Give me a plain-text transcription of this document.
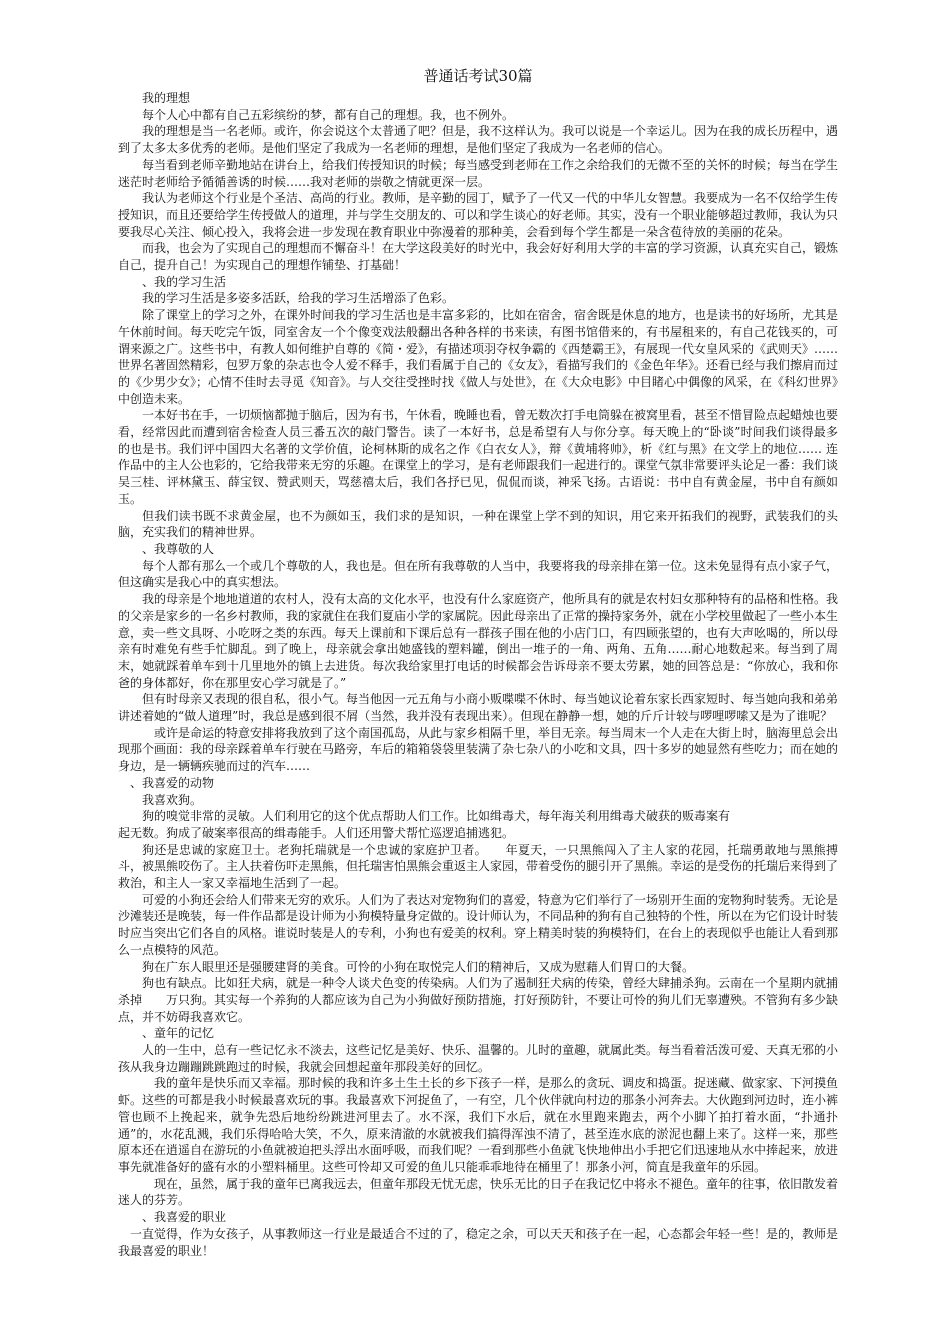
普通话考试30篇

我的理想

每个人心中都有自己五彩缤纷的梦，都有自己的理想。我，也不例外。

我的理想是当一名老师。或许，你会说这个太普通了吧？但是，我不这样认为。我可以说是一个幸运儿。因为在我的成长历程中，遇到了太多太多优秀的老师。是他们坚定了我成为一名老师的理想，是他们坚定了我成为一名老师的信心。

每当看到老师辛勤地站在讲台上，给我们传授知识的时候；每当感受到老师在工作之余给我们的无微不至的关怀的时候；每当在学生迷茫时老师给予循循善诱的时候……我对老师的崇敬之情就更深一层。

我认为老师这个行业是个圣洁、高尚的行业。教师，是辛勤的园丁，赋予了一代又一代的中华儿女智慧。我要成为一名不仅给学生传授知识，而且还要给学生传授做人的道理，并与学生交朋友的、可以和学生谈心的好老师。其实，没有一个职业能够超过教师，我认为只要我尽心关注、倾心投入，我将会进一步发现在教育职业中弥漫着的那种美，会看到每个学生都是一朵含苞待放的美丽的花朵。

而我，也会为了实现自己的理想而不懈奋斗！在大学这段美好的时光中，我会好好利用大学的丰富的学习资源，认真充实自己，锻炼自己，提升自己！为实现自己的理想作铺垫、打基础！

、我的学习生活

我的学习生活是多姿多活跃，给我的学习生活增添了色彩。

除了课堂上的学习之外，在课外时间我的学习生活也是丰富多彩的，比如在宿舍，宿舍既是休息的地方，也是读书的好场所，尤其是午休前时间。每天吃完午饭，同室舍友一个个像变戏法般翻出各种各样的书来读，有图书馆借来的，有书屋租来的，有自己花钱买的，可谓来源之广。这些书中，有教人如何维护自尊的《简・爱》，有描述项羽夺权争霸的《西楚霸王》，有展现一代女皇风采的《武则天》……世界名著固然精彩，包罗万象的杂志也令人爱不释手，我们看属于自己的《女友》，看描写我们的《金色年华》。还看已经与我们擦肩而过的《少男少女》；心情不佳时去寻觅《知音》。与人交往受挫时找《做人与处世》，在《大众电影》中目睹心中偶像的风采，在《科幻世界》中创造未来。

一本好书在手，一切烦恼都抛于脑后，因为有书，午休看，晚睡也看，曾无数次打手电筒躲在被窝里看，甚至不惜冒险点起蜡烛也要看，经常因此而遭到宿舍检查人员三番五次的敲门警告。读了一本好书，总是希望有人与你分享。每天晚上的“卧谈”时间我们谈得最多的也是书。我们评中国四大名著的文学价值，论柯林斯的成名之作《白衣女人》，辩《黄埔将帅》，析《红与黑》在文学上的地位…… 连作品中的主人公也彩的，它给我带来无穷的乐趣。在课堂上的学习，是有老师跟我们一起进行的。课堂气氛非常要评头论足一番：我们谈吴三桂、评林黛玉、薛宝钗、赞武则天，骂慈禧太后，我们各抒已见，侃侃而谈，神采飞扬。古语说：书中自有黄金屋，书中自有颜如玉。

但我们读书既不求黄金屋，也不为颜如玉，我们求的是知识，一种在课堂上学不到的知识，用它来开拓我们的视野，武装我们的头脑，充实我们的精神世界。

、我尊敬的人

每个人都有那么一个或几个尊敬的人，我也是。但在所有我尊敬的人当中，我要将我的母亲排在第一位。这未免显得有点小家子气，但这确实是我心中的真实想法。

我的母亲是个地地道道的农村人，没有太高的文化水平，也没有什么家庭资产，他所具有的就是农村妇女那种特有的品格和性格。我的父亲是家乡的一名乡村教师，我的家就住在我们夏庙小学的家属院。因此母亲出了正常的操持家务外，就在小学校里做起了一些小本生意，卖一些文具呀、小吃呀之类的东西。每天上课前和下课后总有一群孩子围在他的小店门口，有四顾张望的，也有大声吆喝的，所以母亲有时难免有些手忙脚乱。到了晚上，母亲就会拿出她盛钱的塑料罐，倒出一堆子的一角、两角、五角……耐心地数起来。每当到了周末，她就踩着单车到十几里地外的镇上去进货。每次我给家里打电话的时候都会告诉母亲不要太劳累，她的回答总是：“你放心，我和你爸的身体都好，你在那里安心学习就是了。”

但有时母亲又表现的很自私，很小气。每当他因一元五角与小商小贩喋喋不休时、每当她议论着东家长西家短时、每当她向我和弟弟讲述着她的“做人道理”时，我总是感到很不屑（当然，我并没有表现出来）。但现在静静一想，她的斤斤计较与啰哩啰嗦又是为了谁呢？

或许是命运的特意安排将我放到了这个南国孤岛，从此与家乡相隔千里，举目无亲。每当周末一个人走在大街上时，脑海里总会出现那个画面：我的母亲踩着单车行驶在马路旁，车后的箱箱袋袋里装满了杂七杂八的小吃和文具，四十多岁的她显然有些吃力；而在她的身边，是一辆辆疾驰而过的汽车……

、我喜爱的动物

我喜欢狗。

狗的嗅觉非常的灵敏。人们利用它的这个优点帮助人们工作。比如缉毒犬，每年海关利用缉毒犬破获的贩毒案有

起无数。狗成了破案率很高的缉毒能手。人们还用警犬帮忙巡逻追捕逃犯。

狗还是忠诚的家庭卫士。老狗托瑞就是一个忠诚的家庭护卫者。　　年夏天，一只黑熊闯入了主人家的花园，托瑞勇敢地与黑熊搏斗，被黑熊咬伤了。主人扶着伤吓走黑熊，但托瑞害怕黑熊会重返主人家园，带着受伤的腿引开了黑熊。幸运的是受伤的托瑞后来得到了救治，和主人一家又幸福地生活到了一起。

可爱的小狗还会给人们带来无穷的欢乐。人们为了表达对宠物狗们的喜爱，特意为它们举行了一场别开生面的宠物狗时装秀。无论是沙滩装还是晚装，每一件作品都是设计师为小狗模特量身定做的。设计师认为，不同品种的狗有自己独特的个性，所以在为它们设计时装时应当突出它们各自的风格。谁说时装是人的专利，小狗也有爱美的权利。穿上精美时装的狗模特们，在台上的表现似乎也能让人看到那么一点模特的风范。

狗在广东人眼里还是强腰建肾的美食。可怜的小狗在取悦完人们的精神后，又成为慰藉人们胃口的大餐。

狗也有缺点。比如狂犬病，就是一种令人谈犬色变的传染病。人们为了遏制狂犬病的传染，曾经大肆捕杀狗。云南在一个星期内就捕杀掉　　万只狗。其实每一个养狗的人都应该为自己为小狗做好预防措施，打好预防针，不要让可怜的狗儿们无辜遭殃。不管狗有多少缺点，并不妨碍我喜欢它。

、童年的记忆

人的一生中，总有一些记忆永不淡去，这些记忆是美好、快乐、温馨的。儿时的童趣，就属此类。每当看着活泼可爱、天真无邪的小孩从我身边蹦蹦跳跳跑过的时候，我就会回想起童年那段美好的回忆。

我的童年是快乐而又幸福。那时候的我和许多土生土长的乡下孩子一样，是那么的贪玩、调皮和捣蛋。捉迷藏、做家家、下河摸鱼虾。这些的可都是我小时候最喜欢玩的事。我最喜欢下河捉鱼了，一有空，几个伙伴就向村边的那条小河奔去。大伙跑到河边时，连小裤管也顾不上挽起来，就争先恐后地纷纷跳进河里去了。水不深，我们下水后，就在水里跑来跑去，两个小脚丫拍打着水面，“扑通扑通”的，水花乱溅，我们乐得哈哈大笑，不久，原来清澈的水就被我们搞得浑浊不清了，甚至连水底的淤泥也翻上来了。这样一来，那些原本还在逍遥自在游玩的小鱼就被迫把头浮出水面呼吸，而我们呢？一看到那些小鱼就飞快地伸出小手把它们迅速地从水中捧起来，放进事先就准备好的盛有水的小塑料桶里。这些可怜却又可爱的鱼儿只能乖乖地待在桶里了！那条小河，简直是我童年的乐园。

现在，虽然，属于我的童年已离我远去，但童年那段无忧无虑，快乐无比的日子在我记忆中将永不褪色。童年的往事，依旧散发着迷人的芬芳。

、我喜爱的职业

一直觉得，作为女孩子，从事教师这一行业是最适合不过的了，稳定之余，可以天天和孩子在一起，心态都会年轻一些！是的，教师是我最喜爱的职业！
